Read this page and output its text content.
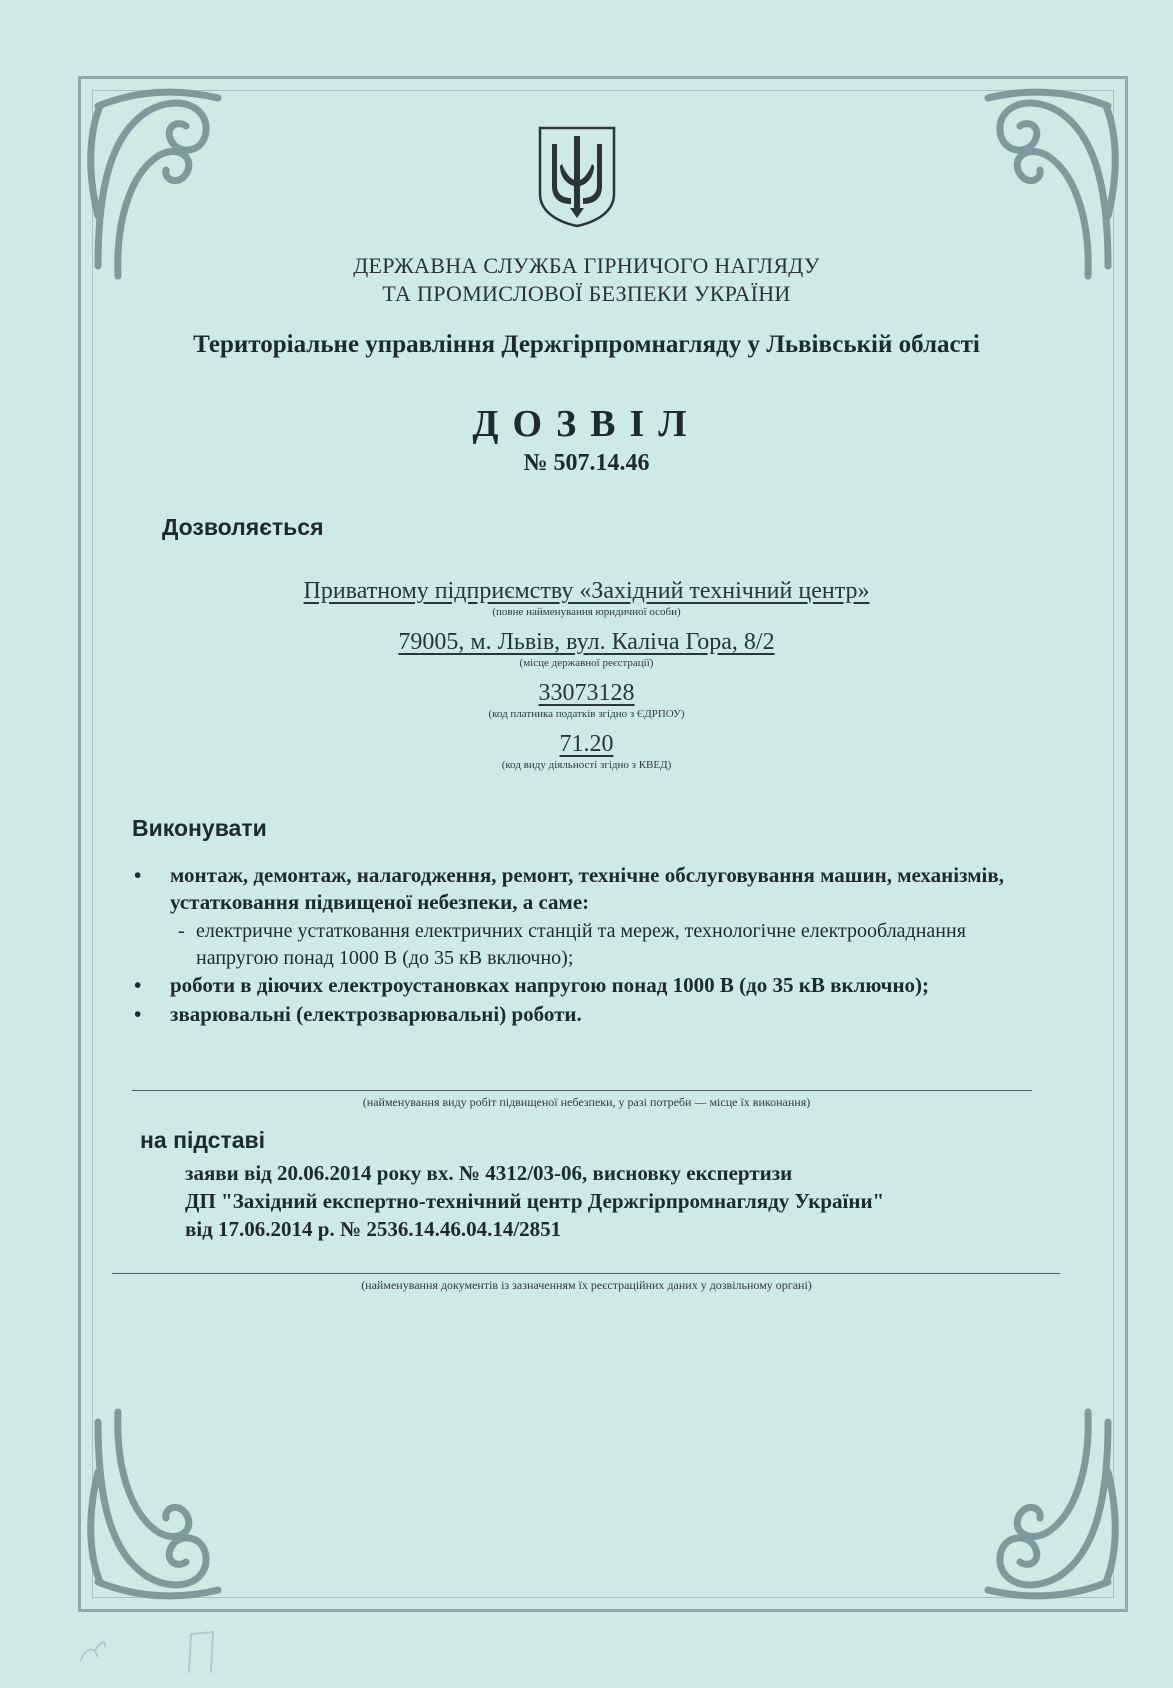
ДЕРЖАВНА СЛУЖБА ГІРНИЧОГО НАГЛЯДУ
ТА ПРОМИСЛОВОЇ БЕЗПЕКИ УКРАЇНИ
Територіальне управління Держгірпромнагляду у Львівській області
ДОЗВІЛ
№ 507.14.46
Дозволяється
Приватному підприємству «Західний технічний центр»
(повне найменування юридичної особи)
79005, м. Львів, вул. Каліча Гора, 8/2
(місце державної реєстрації)
33073128
(код платника податків згідно з ЄДРПОУ)
71.20
(код виду діяльності згідно з КВЕД)
Виконувати
• монтаж, демонтаж, налагодження, ремонт, технічне обслуговування машин, механізмів, устатковання підвищеної небезпеки, а саме:
- електричне устатковання електричних станцій та мереж, технологічне електрообладнання напругою понад 1000 В (до 35 кВ включно);
• роботи в діючих електроустановках напругою понад 1000 В (до 35 кВ включно);
• зварювальні (електрозварювальні) роботи.
(найменування виду робіт підвищеної небезпеки, у разі потреби — місце їх виконання)
на підставі
заяви від 20.06.2014 року вх. № 4312/03-06, висновку експертизи
ДП "Західний експертно-технічний центр Держгірпромнагляду України"
від 17.06.2014 р. № 2536.14.46.04.14/2851
(найменування документів із зазначенням їх реєстраційних даних у дозвільному органі)
